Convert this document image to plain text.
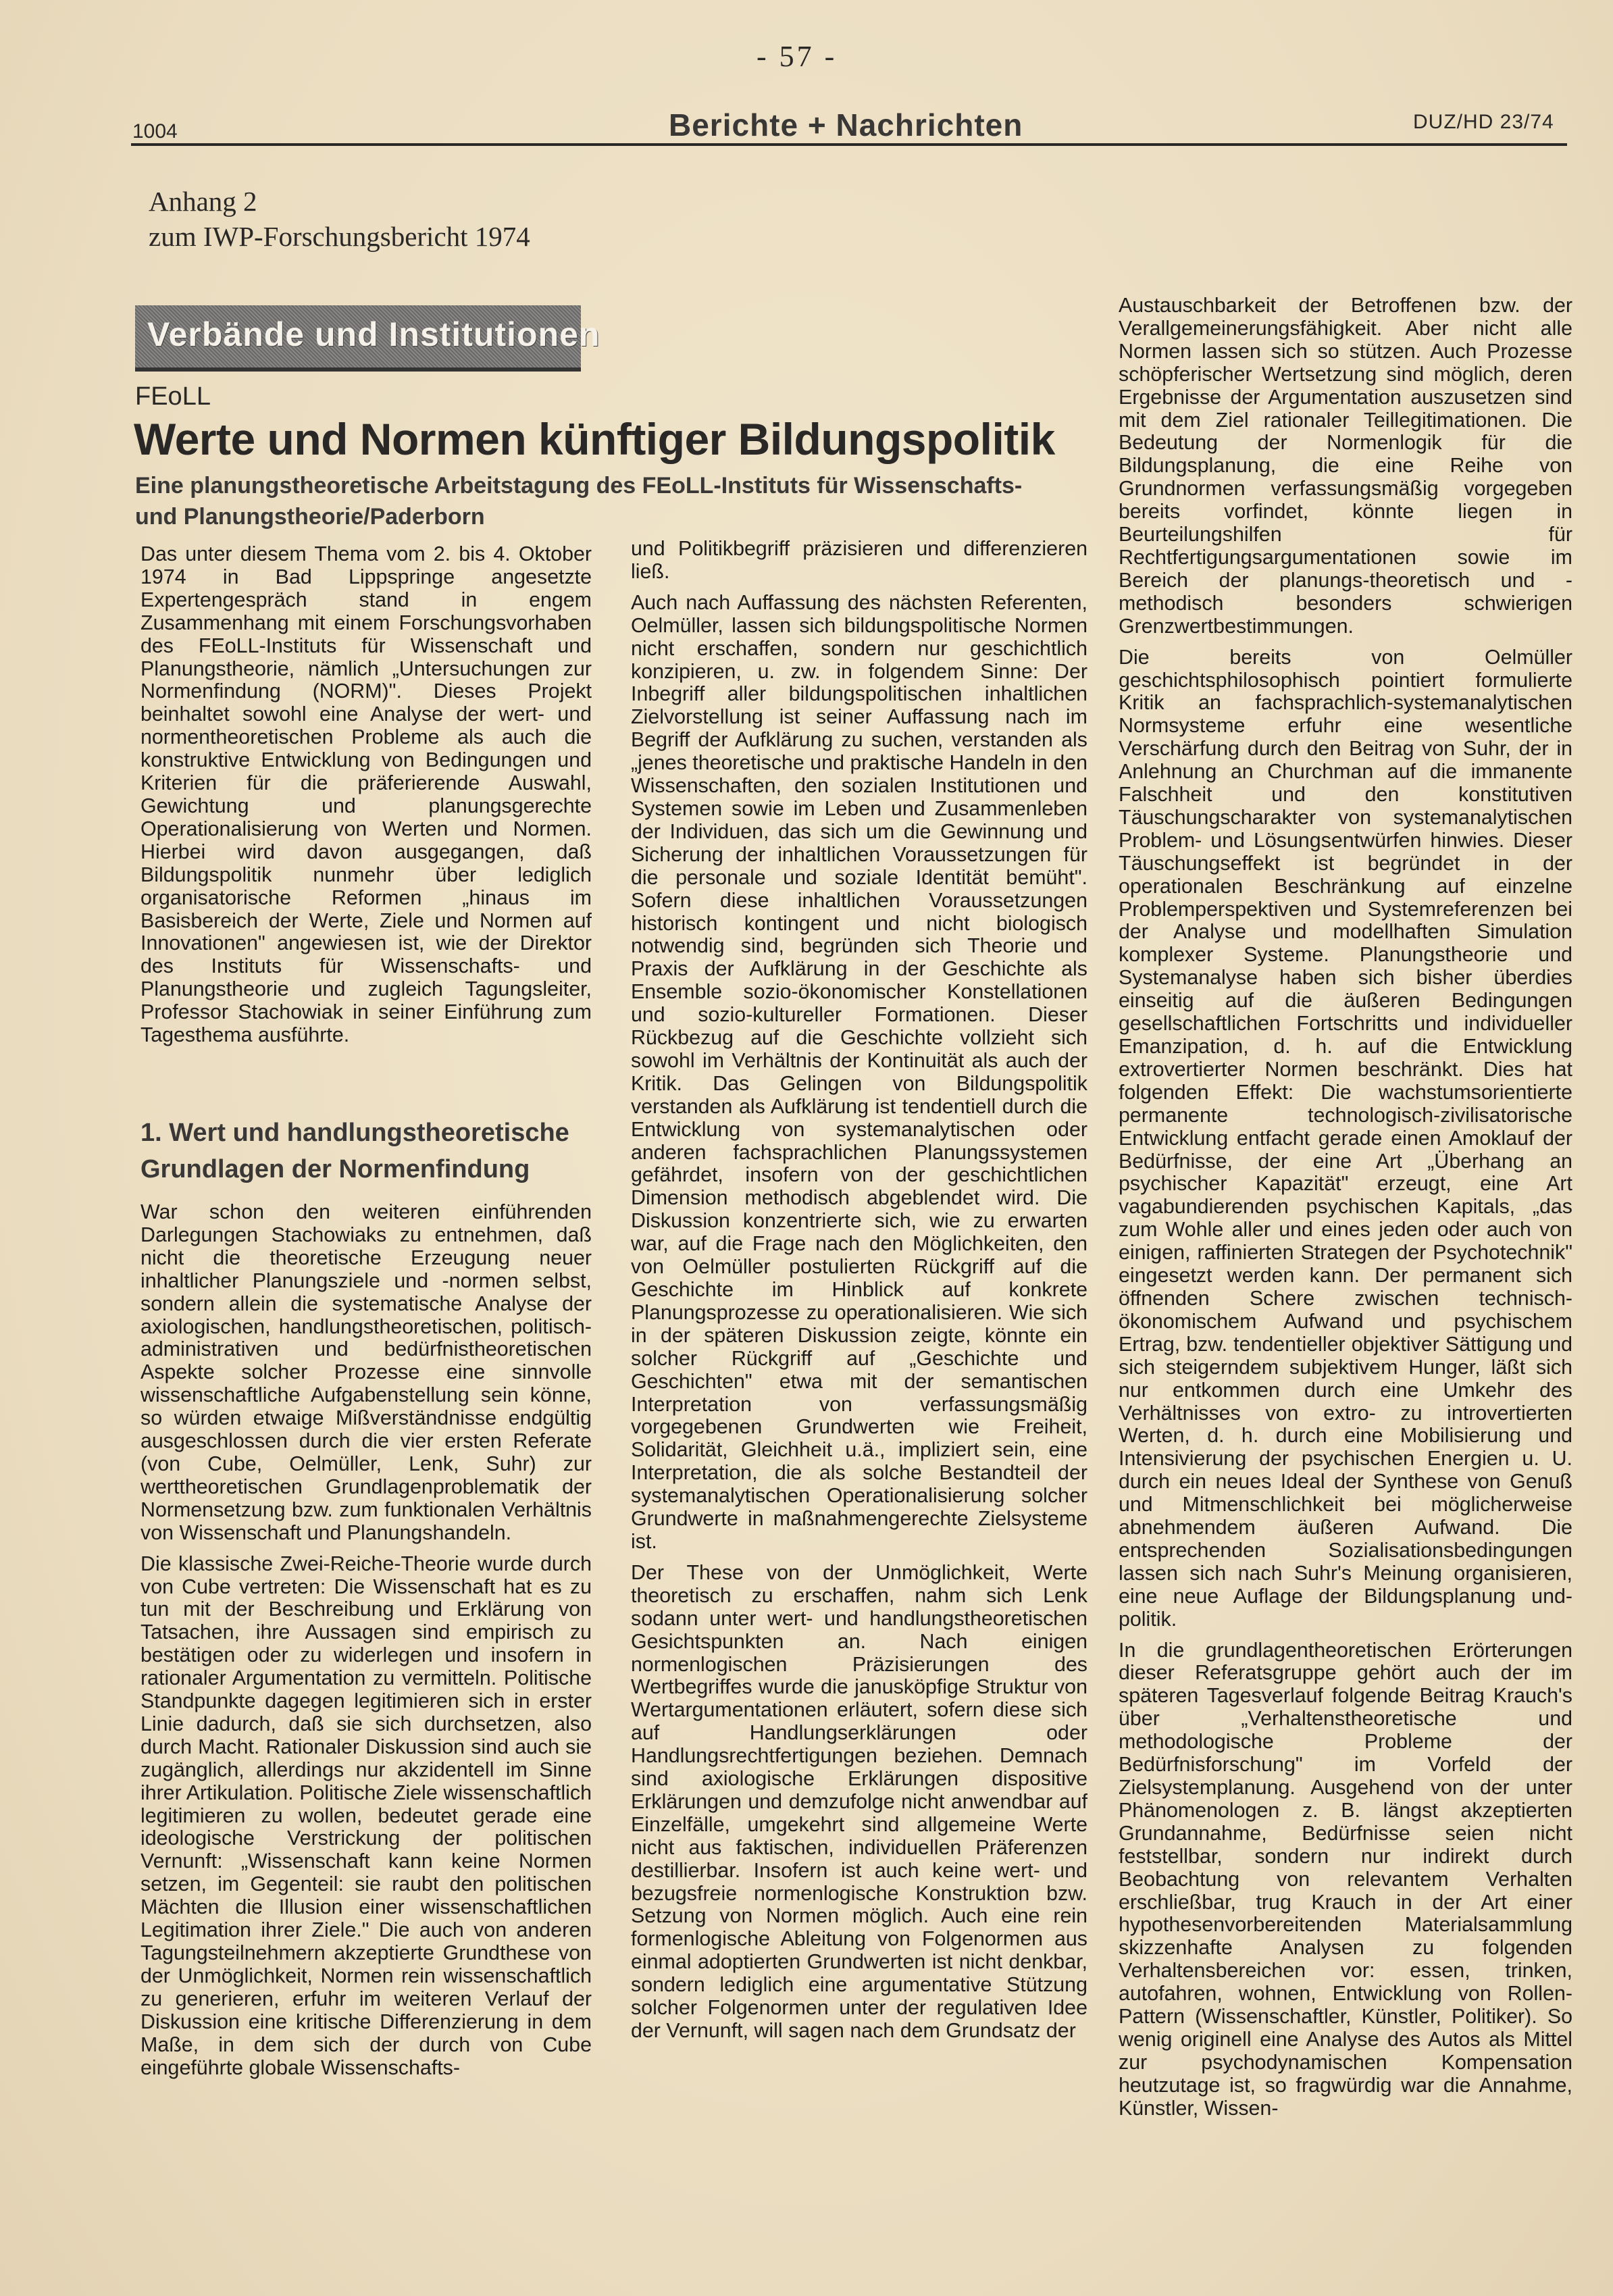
- 57 -
1004	Berichte + Nachrichten	DUZ/HD 23/74
Anhang 2
zum IWP-Forschungsbericht 1974
Verbände und Institutionen
FEoLL
Werte und Normen künftiger Bildungspolitik
Eine planungstheoretische Arbeitstagung des FEoLL-Instituts für Wissenschafts- und Planungstheorie/Paderborn

Das unter diesem Thema vom 2. bis 4. Oktober 1974 in Bad Lippspringe angesetzte Expertengespräch stand in engem Zusammenhang mit einem Forschungsvorhaben des FEoLL-Instituts für Wissenschaft und Planungstheorie, nämlich „Untersuchungen zur Normenfindung (NORM)". Dieses Projekt beinhaltet sowohl eine Analyse der wert- und normentheoretischen Probleme als auch die konstruktive Entwicklung von Bedingungen und Kriterien für die präferierende Auswahl, Gewichtung und planungsgerechte Operationalisierung von Werten und Normen. Hierbei wird davon ausgegangen, daß Bildungspolitik nunmehr über lediglich organisatorische Reformen „hinaus im Basisbereich der Werte, Ziele und Normen auf Innovationen" angewiesen ist, wie der Direktor des Instituts für Wissenschafts- und Planungstheorie und zugleich Tagungsleiter, Professor Stachowiak in seiner Einführung zum Tagesthema ausführte.

1. Wert und handlungstheoretische Grundlagen der Normenfindung

War schon den weiteren einführenden Darlegungen Stachowiaks zu entnehmen, daß nicht die theoretische Erzeugung neuer inhaltlicher Planungsziele und -normen selbst, sondern allein die systematische Analyse der axiologischen, handlungstheoretischen, politisch-administrativen und bedürfnistheoretischen Aspekte solcher Prozesse eine sinnvolle wissenschaftliche Aufgabenstellung sein könne, so würden etwaige Mißverständnisse endgültig ausgeschlossen durch die vier ersten Referate (von Cube, Oelmüller, Lenk, Suhr) zur werttheoretischen Grundlagenproblematik der Normensetzung bzw. zum funktionalen Verhältnis von Wissenschaft und Planungshandeln.

Die klassische Zwei-Reiche-Theorie wurde durch von Cube vertreten: Die Wissenschaft hat es zu tun mit der Beschreibung und Erklärung von Tatsachen, ihre Aussagen sind empirisch zu bestätigen oder zu widerlegen und insofern in rationaler Argumentation zu vermitteln. Politische Standpunkte dagegen legitimieren sich in erster Linie dadurch, daß sie sich durchsetzen, also durch Macht. Rationaler Diskussion sind auch sie zugänglich, allerdings nur akzidentell im Sinne ihrer Artikulation. Politische Ziele wissenschaftlich legitimieren zu wollen, bedeutet gerade eine ideologische Verstrickung der politischen Vernunft: „Wissenschaft kann keine Normen setzen, im Gegenteil: sie raubt den politischen Mächten die Illusion einer wissenschaftlichen Legitimation ihrer Ziele." Die auch von anderen Tagungsteilnehmern akzeptierte Grundthese von der Unmöglichkeit, Normen rein wissenschaftlich zu generieren, erfuhr im weiteren Verlauf der Diskussion eine kritische Differenzierung in dem Maße, in dem sich der durch von Cube eingeführte globale Wissenschafts-

und Politikbegriff präzisieren und differenzieren ließ.

Auch nach Auffassung des nächsten Referenten, Oelmüller, lassen sich bildungspolitische Normen nicht erschaffen, sondern nur geschichtlich konzipieren, u. zw. in folgendem Sinne: Der Inbegriff aller bildungspolitischen inhaltlichen Zielvorstellung ist seiner Auffassung nach im Begriff der Aufklärung zu suchen, verstanden als „jenes theoretische und praktische Handeln in den Wissenschaften, den sozialen Institutionen und Systemen sowie im Leben und Zusammenleben der Individuen, das sich um die Gewinnung und Sicherung der inhaltlichen Voraussetzungen für die personale und soziale Identität bemüht". Sofern diese inhaltlichen Voraussetzungen historisch kontingent und nicht biologisch notwendig sind, begründen sich Theorie und Praxis der Aufklärung in der Geschichte als Ensemble sozio-ökonomischer Konstellationen und sozio-kultureller Formationen. Dieser Rückbezug auf die Geschichte vollzieht sich sowohl im Verhältnis der Kontinuität als auch der Kritik. Das Gelingen von Bildungspolitik verstanden als Aufklärung ist tendentiell durch die Entwicklung von systemanalytischen oder anderen fachsprachlichen Planungssystemen gefährdet, insofern von der geschichtlichen Dimension methodisch abgeblendet wird. Die Diskussion konzentrierte sich, wie zu erwarten war, auf die Frage nach den Möglichkeiten, den von Oelmüller postulierten Rückgriff auf die Geschichte im Hinblick auf konkrete Planungsprozesse zu operationalisieren. Wie sich in der späteren Diskussion zeigte, könnte ein solcher Rückgriff auf „Geschichte und Geschichten" etwa mit der semantischen Interpretation von verfassungsmäßig vorgegebenen Grundwerten wie Freiheit, Solidarität, Gleichheit u.ä., impliziert sein, eine Interpretation, die als solche Bestandteil der systemanalytischen Operationalisierung solcher Grundwerte in maßnahmengerechte Zielsysteme ist.

Der These von der Unmöglichkeit, Werte theoretisch zu erschaffen, nahm sich Lenk sodann unter wert- und handlungstheoretischen Gesichtspunkten an. Nach einigen normenlogischen Präzisierungen des Wertbegriffes wurde die janusköpfige Struktur von Wertargumentationen erläutert, sofern diese sich auf Handlungserklärungen oder Handlungsrechtfertigungen beziehen. Demnach sind axiologische Erklärungen dispositive Erklärungen und demzufolge nicht anwendbar auf Einzelfälle, umgekehrt sind allgemeine Werte nicht aus faktischen, individuellen Präferenzen destillierbar. Insofern ist auch keine wert- und bezugsfreie normenlogische Konstruktion bzw. Setzung von Normen möglich. Auch eine rein formenlogische Ableitung von Folgenormen aus einmal adoptierten Grundwerten ist nicht denkbar, sondern lediglich eine argumentative Stützung solcher Folgenormen unter der regulativen Idee der Vernunft, will sagen nach dem Grundsatz der

Austauschbarkeit der Betroffenen bzw. der Verallgemeinerungsfähigkeit. Aber nicht alle Normen lassen sich so stützen. Auch Prozesse schöpferischer Wertsetzung sind möglich, deren Ergebnisse der Argumentation auszusetzen sind mit dem Ziel rationaler Teillegitimationen. Die Bedeutung der Normenlogik für die Bildungsplanung, die eine Reihe von Grundnormen verfassungsmäßig vorgegeben bereits vorfindet, könnte liegen in Beurteilungshilfen für Rechtfertigungsargumentationen sowie im Bereich der planungs-theoretisch und -methodisch besonders schwierigen Grenzwertbestimmungen.

Die bereits von Oelmüller geschichtsphilosophisch pointiert formulierte Kritik an fachsprachlich-systemanalytischen Normsysteme erfuhr eine wesentliche Verschärfung durch den Beitrag von Suhr, der in Anlehnung an Churchman auf die immanente Falschheit und den konstitutiven Täuschungscharakter von systemanalytischen Problem- und Lösungsentwürfen hinwies. Dieser Täuschungseffekt ist begründet in der operationalen Beschränkung auf einzelne Problemperspektiven und Systemreferenzen bei der Analyse und modellhaften Simulation komplexer Systeme. Planungstheorie und Systemanalyse haben sich bisher überdies einseitig auf die äußeren Bedingungen gesellschaftlichen Fortschritts und individueller Emanzipation, d. h. auf die Entwicklung extrovertierter Normen beschränkt. Dies hat folgenden Effekt: Die wachstumsorientierte permanente technologisch-zivilisatorische Entwicklung entfacht gerade einen Amoklauf der Bedürfnisse, der eine Art „Überhang an psychischer Kapazität" erzeugt, eine Art vagabundierenden psychischen Kapitals, „das zum Wohle aller und eines jeden oder auch von einigen, raffinierten Strategen der Psychotechnik" eingesetzt werden kann. Der permanent sich öffnenden Schere zwischen technisch-ökonomischem Aufwand und psychischem Ertrag, bzw. tendentieller objektiver Sättigung und sich steigerndem subjektivem Hunger, läßt sich nur entkommen durch eine Umkehr des Verhältnisses von extro- zu introvertierten Werten, d. h. durch eine Mobilisierung und Intensivierung der psychischen Energien u. U. durch ein neues Ideal der Synthese von Genuß und Mitmenschlichkeit bei möglicherweise abnehmendem äußeren Aufwand. Die entsprechenden Sozialisationsbedingungen lassen sich nach Suhr's Meinung organisieren, eine neue Auflage der Bildungsplanung und- politik.

In die grundlagentheoretischen Erörterungen dieser Referatsgruppe gehört auch der im späteren Tagesverlauf folgende Beitrag Krauch's über „Verhaltenstheoretische und methodologische Probleme der Bedürfnisforschung" im Vorfeld der Zielsystemplanung. Ausgehend von der unter Phänomenologen z. B. längst akzeptierten Grundannahme, Bedürfnisse seien nicht feststellbar, sondern nur indirekt durch Beobachtung von relevantem Verhalten erschließbar, trug Krauch in der Art einer hypothesenvorbereitenden Materialsammlung skizzenhafte Analysen zu folgenden Verhaltensbereichen vor: essen, trinken, autofahren, wohnen, Entwicklung von Rollen-Pattern (Wissenschaftler, Künstler, Politiker). So wenig originell eine Analyse des Autos als Mittel zur psychodynamischen Kompensation heutzutage ist, so fragwürdig war die Annahme, Künstler, Wissen-
